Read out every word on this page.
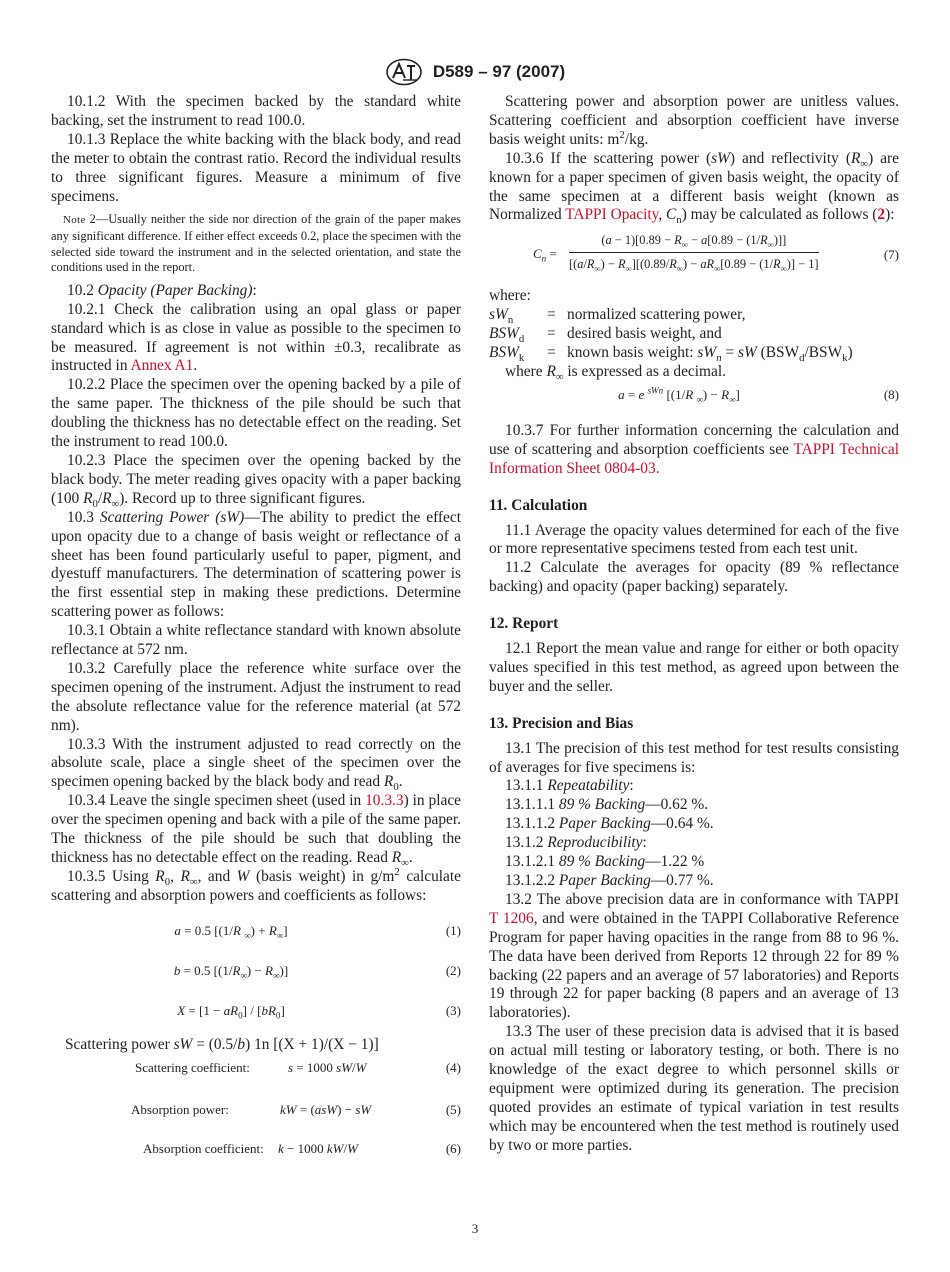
D589 – 97 (2007)

10.1.2 With the specimen backed by the standard white backing, set the instrument to read 100.0.

10.1.3 Replace the white backing with the black body, and read the meter to obtain the contrast ratio. Record the individual results to three significant figures. Measure a minimum of five specimens.

Note 2—Usually neither the side nor direction of the grain of the paper makes any significant difference. If either effect exceeds 0.2, place the specimen with the selected side toward the instrument and in the selected orientation, and state the conditions used in the report.

10.2 Opacity (Paper Backing):

10.2.1 Check the calibration using an opal glass or paper standard which is as close in value as possible to the specimen to be measured. If agreement is not within ±0.3, recalibrate as instructed in Annex A1.

10.2.2 Place the specimen over the opening backed by a pile of the same paper. The thickness of the pile should be such that doubling the thickness has no detectable effect on the reading. Set the instrument to read 100.0.

10.2.3 Place the specimen over the opening backed by the black body. The meter reading gives opacity with a paper backing (100 $R_0/R_\infty$). Record up to three significant figures.

10.3 Scattering Power (sW)—The ability to predict the effect upon opacity due to a change of basis weight or reflectance of a sheet has been found particularly useful to paper, pigment, and dyestuff manufacturers. The determination of scattering power is the first essential step in making these predictions. Determine scattering power as follows:

10.3.1 Obtain a white reflectance standard with known absolute reflectance at 572 nm.

10.3.2 Carefully place the reference white surface over the specimen opening of the instrument. Adjust the instrument to read the absolute reflectance value for the reference material (at 572 nm).

10.3.3 With the instrument adjusted to read correctly on the absolute scale, place a single sheet of the specimen over the specimen opening backed by the black body and read $R_0$.

10.3.4 Leave the single specimen sheet (used in 10.3.3) in place over the specimen opening and back with a pile of the same paper. The thickness of the pile should be such that doubling the thickness has no detectable effect on the reading. Read $R_\infty$.

10.3.5 Using $R_0$, $R_\infty$, and W (basis weight) in $g/m^2$ calculate scattering and absorption powers and coefficients as follows:

a = 0.5 [(1/R $_\infty) + R_\infty$]	(1)
b = 0.5 $[(1/R_\infty) - R_\infty)$]	(2)
$X = [1 - aR_0] / [bR_0]$	(3)
Scattering power sW = (0.5/b) 1n [(X + 1)/(X − 1)]
Scattering coefficient:	s = 1000 sW/W	(4)
Absorption power:	kW = (asW) − sW	(5)
Absorption coefficient: k − 1000 kW/W	(6)

Scattering power and absorption power are unitless values. Scattering coefficient and absorption coefficient have inverse basis weight units: $m^2/kg$.

10.3.6 If the scattering power (sW) and reflectivity $(R_\infty)$ are known for a paper specimen of given basis weight, the opacity of the same specimen at a different basis weight (known as Normalized TAPPI Opacity, $C_n$) may be calculated as follows (2):

$C_n = \frac{(a - 1)[0.89 - R_\infty - a[0.89 - (1/R_\infty)]]}{[(a/R_\infty) - R_\infty][(0.89/R_\infty) - aR_\infty[0.89 - (1/R_\infty)] - 1]}$	(7)

where:

$sW_n$	=	normalized scattering power,
$BSW_d$	=	desired basis weight, and
$BSW_k$	=	known basis weight: $sW_n$ = sW $(BSW_d/BSW_k)$

where $R_\infty$ is expressed as a decimal.

a = e $^{sWn}$ [(1/R $_\infty) - R_\infty$]	(8)

10.3.7 For further information concerning the calculation and use of scattering and absorption coefficients see TAPPI Technical Information Sheet 0804-03.

11. Calculation

11.1 Average the opacity values determined for each of the five or more representative specimens tested from each test unit.

11.2 Calculate the averages for opacity (89 % reflectance backing) and opacity (paper backing) separately.

12. Report

12.1 Report the mean value and range for either or both opacity values specified in this test method, as agreed upon between the buyer and the seller.

13. Precision and Bias

13.1 The precision of this test method for test results consisting of averages for five specimens is:

13.1.1 Repeatability:

13.1.1.1 89 % Backing—0.62 %.

13.1.1.2 Paper Backing—0.64 %.

13.1.2 Reproducibility:

13.1.2.1 89 % Backing—1.22 %

13.1.2.2 Paper Backing—0.77 %.

13.2 The above precision data are in conformance with TAPPI T 1206, and were obtained in the TAPPI Collaborative Reference Program for paper having opacities in the range from 88 to 96 %. The data have been derived from Reports 12 through 22 for 89 % backing (22 papers and an average of 57 laboratories) and Reports 19 through 22 for paper backing (8 papers and an average of 13 laboratories).

13.3 The user of these precision data is advised that it is based on actual mill testing or laboratory testing, or both. There is no knowledge of the exact degree to which personnel skills or equipment were optimized during its generation. The precision quoted provides an estimate of typical variation in test results which may be encountered when the test method is routinely used by two or more parties.

3
